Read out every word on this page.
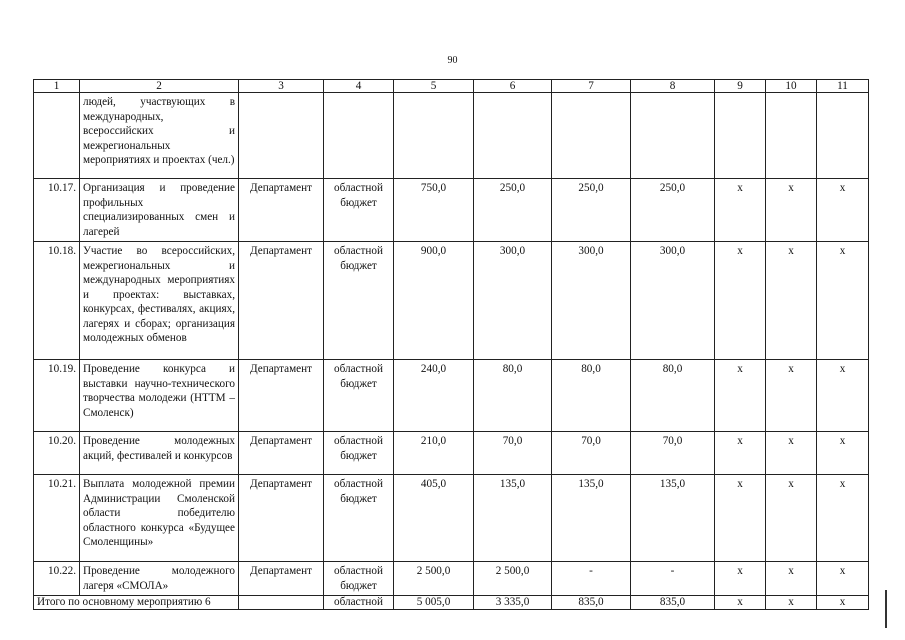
90
1	2	3	4	5	6	7	8	9	10	11
	людей, участвующих в международных, всероссийских и межрегиональных мероприятиях и проектах (чел.)									
10.17.	Организация и проведение профильных специализированных смен и лагерей	Департамент	областной бюджет	750,0	250,0	250,0	250,0	х	х	х
10.18.	Участие во всероссийских, межрегиональных и международных мероприятиях и проектах: выставках, конкурсах, фестивалях, акциях, лагерях и сборах; организация молодежных обменов	Департамент	областной бюджет	900,0	300,0	300,0	300,0	х	х	х
10.19.	Проведение конкурса и выставки научно-технического творчества молодежи (НТТМ – Смоленск)	Департамент	областной бюджет	240,0	80,0	80,0	80,0	х	х	х
10.20.	Проведение молодежных акций, фестивалей и конкурсов	Департамент	областной бюджет	210,0	70,0	70,0	70,0	х	х	х
10.21.	Выплата молодежной премии Администрации Смоленской области победителю областного конкурса «Будущее Смоленщины»	Департамент	областной бюджет	405,0	135,0	135,0	135,0	х	х	х
10.22.	Проведение молодежного лагеря «СМОЛА»	Департамент	областной бюджет	2 500,0	2 500,0	-	-	х	х	х
Итого по основному мероприятию 6			областной	5 005,0	3 335,0	835,0	835,0	х	х	х
